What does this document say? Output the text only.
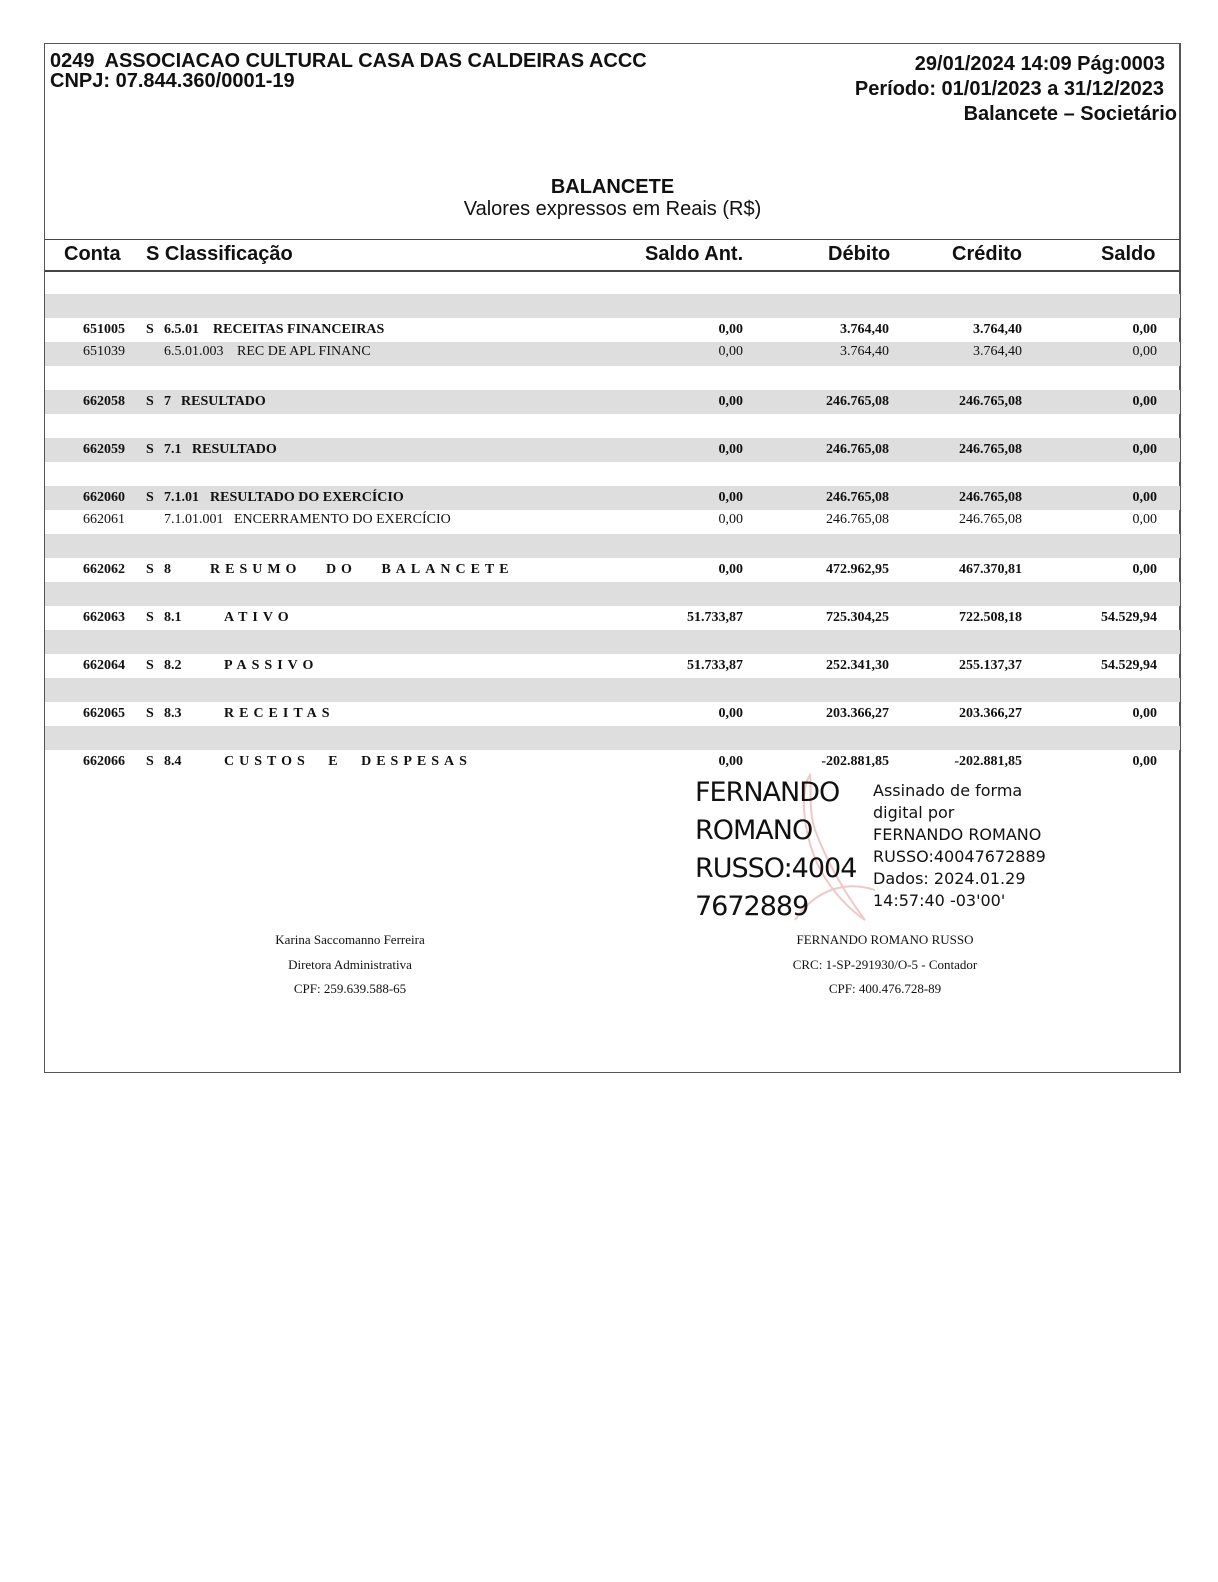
0249 ASSOCIACAO CULTURAL CASA DAS CALDEIRAS ACCC
CNPJ: 07.844.360/0001-19
29/01/2024 14:09 Pág:0003
Período: 01/01/2023 a 31/12/2023
Balancete – Societário
BALANCETE
Valores expressos em Reais (R$)
Conta S Classificação	Saldo Ant.	Débito	Crédito	Saldo
651005 S 6.5.01 RECEITAS FINANCEIRAS	0,00	3.764,40	3.764,40	0,00
651039	6.5.01.003 REC DE APL FINANC	0,00	3.764,40	3.764,40	0,00
662058 S 7 RESULTADO	0,00	246.765,08	246.765,08	0,00
662059 S 7.1 RESULTADO	0,00	246.765,08	246.765,08	0,00
662060 S 7.1.01 RESULTADO DO EXERCÍCIO	0,00	246.765,08	246.765,08	0,00
662061	7.1.01.001 ENCERRAMENTO DO EXERCÍCIO	0,00	246.765,08	246.765,08	0,00
662062 S 8	RESUMO DO BALANCETE	0,00	472.962,95	467.370,81	0,00
662063 S 8.1	ATIVO	51.733,87	725.304,25	722.508,18	54.529,94
662064 S 8.2	PASSIVO	51.733,87	252.341,30	255.137,37	54.529,94
662065 S 8.3	RECEITAS	0,00	203.366,27	203.366,27	0,00
662066 S 8.4	CUSTOS E DESPESAS	0,00	-202.881,85	-202.881,85	0,00
FERNANDO
ROMANO
RUSSO:4004
7672889
Assinado de forma
digital por
FERNANDO ROMANO
RUSSO:40047672889
Dados: 2024.01.29
14:57:40 -03'00'
Karina Saccomanno Ferreira
Diretora Administrativa
CPF: 259.639.588-65
FERNANDO ROMANO RUSSO
CRC: 1-SP-291930/O-5 - Contador
CPF: 400.476.728-89
